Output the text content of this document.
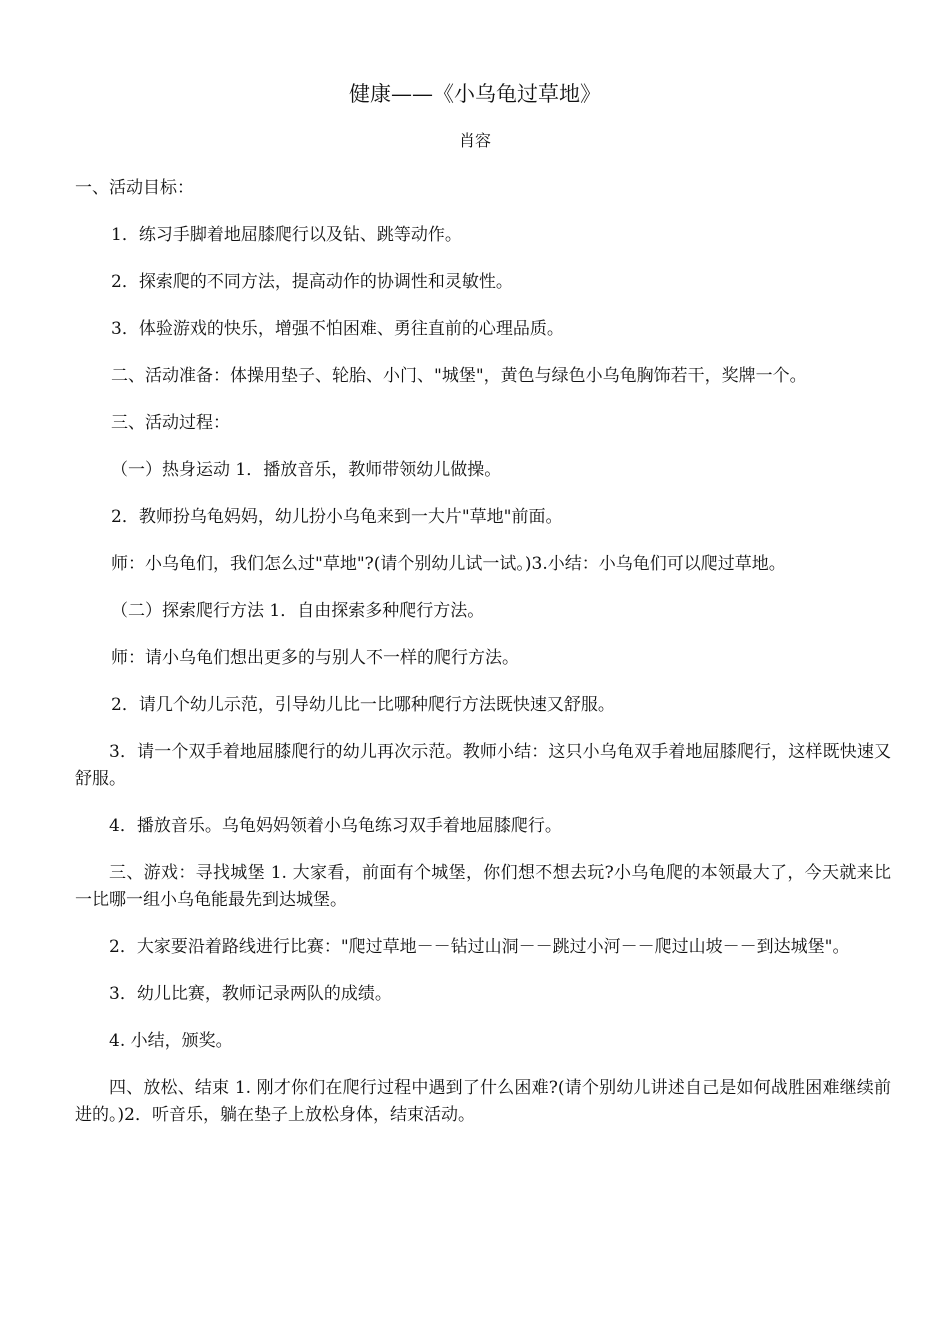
健康——《小乌龟过草地》
肖容

一、活动目标：

1．练习手脚着地屈膝爬行以及钻、跳等动作。

2．探索爬的不同方法，提高动作的协调性和灵敏性。

3．体验游戏的快乐，增强不怕困难、勇往直前的心理品质。

二、活动准备：体操用垫子、轮胎、小门、"城堡"，黄色与绿色小乌龟胸饰若干，奖牌一个。

三、活动过程：

（一）热身运动 1．播放音乐，教师带领幼儿做操。

2．教师扮乌龟妈妈，幼儿扮小乌龟来到一大片"草地"前面。

师：小乌龟们，我们怎么过"草地"?(请个别幼儿试一试。)3.小结：小乌龟们可以爬过草地。

（二）探索爬行方法 1．自由探索多种爬行方法。

师：请小乌龟们想出更多的与别人不一样的爬行方法。

2．请几个幼儿示范，引导幼儿比一比哪种爬行方法既快速又舒服。

3．请一个双手着地屈膝爬行的幼儿再次示范。教师小结：这只小乌龟双手着地屈膝爬行，这样既快速又舒服。

4．播放音乐。乌龟妈妈领着小乌龟练习双手着地屈膝爬行。

三、游戏：寻找城堡 1. 大家看，前面有个城堡，你们想不想去玩?小乌龟爬的本领最大了，今天就来比一比哪一组小乌龟能最先到达城堡。

2．大家要沿着路线进行比赛："爬过草地－－钻过山洞－－跳过小河－－爬过山坡－－到达城堡"。

3．幼儿比赛，教师记录两队的成绩。

4. 小结，颁奖。

四、放松、结束 1. 刚才你们在爬行过程中遇到了什么困难?(请个别幼儿讲述自己是如何战胜困难继续前进的。)2．听音乐，躺在垫子上放松身体，结束活动。
